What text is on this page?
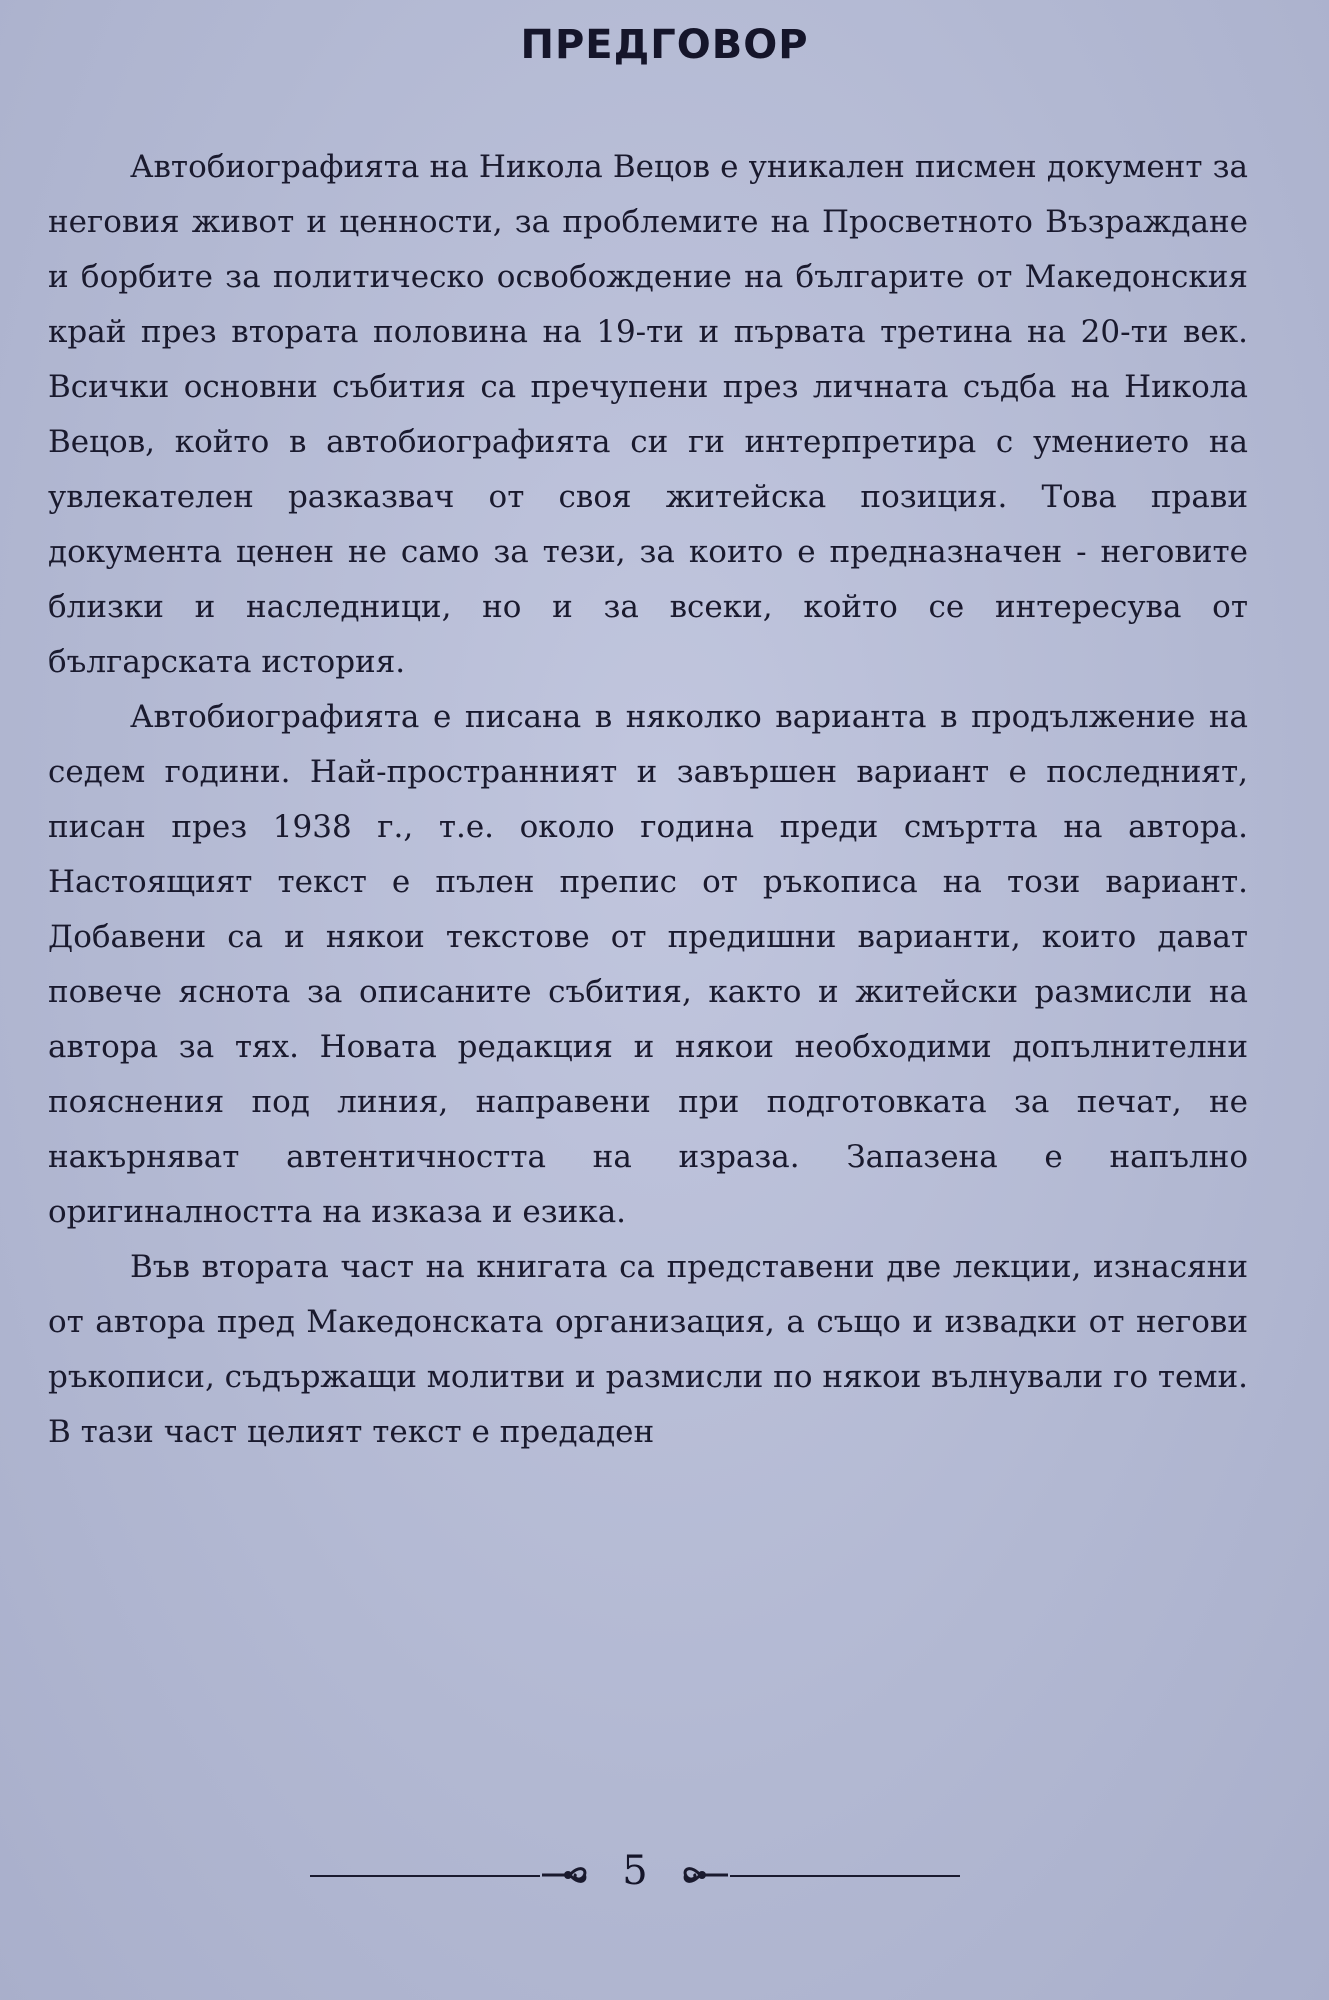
ПРЕДГОВОР

Автобиографията на Никола Вецов е уникален писмен документ за неговия живот и ценности, за проблемите на Просветното Възраждане и борбите за политическо освобождение на българите от Македонския край през втората половина на 19-ти и първата третина на 20-ти век. Всички основни събития са пречупени през личната съдба на Никола Вецов, който в автобиографията си ги интерпретира с умението на увлекателен разказвач от своя житейска позиция. Това прави документа ценен не само за тези, за които е предназначен - неговите близки и наследници, но и за всеки, който се интересува от българската история.

Автобиографията е писана в няколко варианта в продължение на седем години. Най-пространният и завършен вариант е последният, писан през 1938 г., т.е. около година преди смъртта на автора. Настоящият текст е пълен препис от ръкописа на този вариант. Добавени са и някои текстове от предишни варианти, които дават повече яснота за описаните събития, както и житейски размисли на автора за тях. Новата редакция и някои необходими допълнителни пояснения под линия, направени при подготовката за печат, не накърняват автентичността на израза. Запазена е напълно оригиналността на изказа и езика.

Във втората част на книгата са представени две лекции, изнасяни от автора пред Македонската организация, а също и извадки от негови ръкописи, съдържащи молитви и размисли по някои вълнували го теми. В тази част целият текст е предаден

5
